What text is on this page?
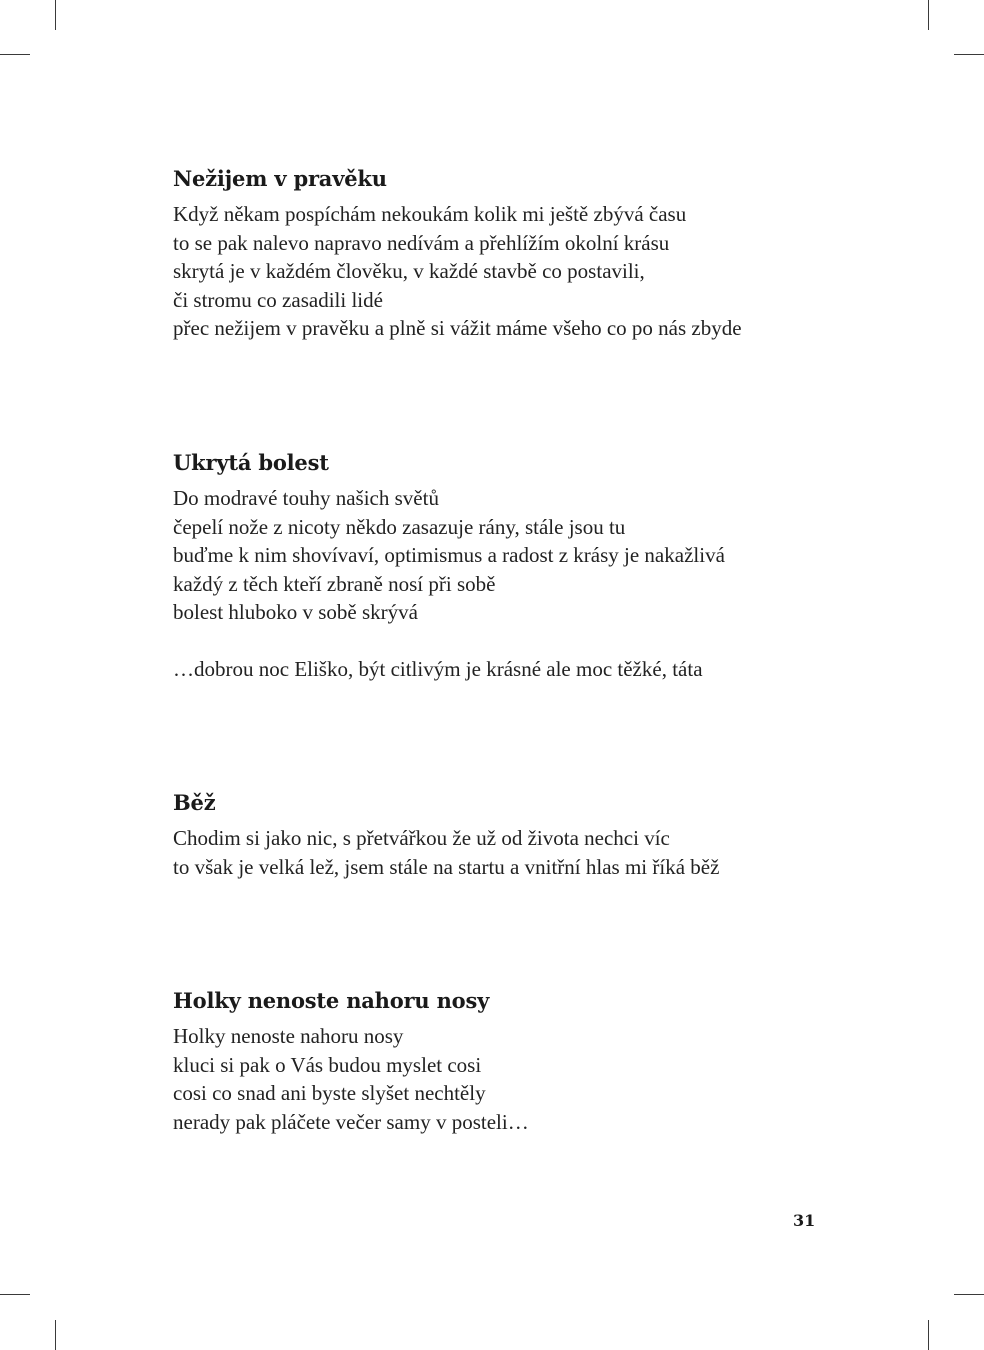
Nežijem v pravěku
Když někam pospíchám nekoukám kolik mi ještě zbývá času
to se pak nalevo napravo nedívám a přehlížím okolní krásu
skrytá je v každém člověku, v každé stavbě co postavili,
či stromu co zasadili lidé
přec nežijem v pravěku a plně si vážit máme všeho co po nás zbyde
Ukrytá bolest
Do modravé touhy našich světů
čepelí nože z nicoty někdo zasazuje rány, stále jsou tu
buďme k nim shovívaví, optimismus a radost z krásy je nakažlivá
každý z těch kteří zbraně nosí při sobě
bolest hluboko v sobě skrývá
…dobrou noc Eliško, být citlivým je krásné ale moc těžké, táta
Běž
Chodim si jako nic, s přetvářkou že už od života nechci víc
to však je velká lež, jsem stále na startu a vnitřní hlas mi říká běž
Holky nenoste nahoru nosy
Holky nenoste nahoru nosy
kluci si pak o Vás budou myslet cosi
cosi co snad ani byste slyšet nechtěly
nerady pak pláčete večer samy v posteli…
31
